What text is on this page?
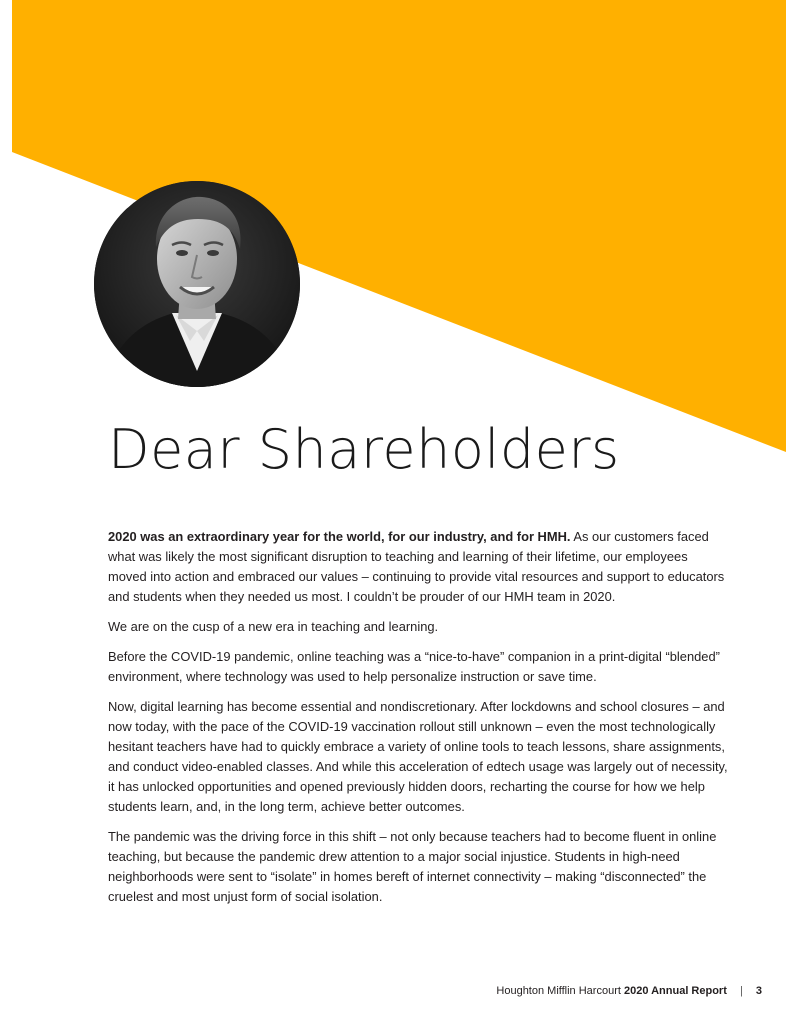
Dear Shareholders

2020 was an extraordinary year for the world, for our industry, and for HMH. As our customers faced what was likely the most significant disruption to teaching and learning of their lifetime, our employees moved into action and embraced our values – continuing to provide vital resources and support to educators and students when they needed us most. I couldn’t be prouder of our HMH team in 2020.

We are on the cusp of a new era in teaching and learning.

Before the COVID-19 pandemic, online teaching was a “nice-to-have” companion in a print-digital “blended” environment, where technology was used to help personalize instruction or save time.

Now, digital learning has become essential and nondiscretionary. After lockdowns and school closures – and now today, with the pace of the COVID-19 vaccination rollout still unknown – even the most technologically hesitant teachers have had to quickly embrace a variety of online tools to teach lessons, share assignments, and conduct video-enabled classes. And while this acceleration of edtech usage was largely out of necessity, it has unlocked opportunities and opened previously hidden doors, recharting the course for how we help students learn, and, in the long term, achieve better outcomes.

The pandemic was the driving force in this shift – not only because teachers had to become fluent in online teaching, but because the pandemic drew attention to a major social injustice. Students in high-need neighborhoods were sent to “isolate” in homes bereft of internet connectivity – making “disconnected” the cruelest and most unjust form of social isolation.

Houghton Mifflin Harcourt 2020 Annual Report | 3
